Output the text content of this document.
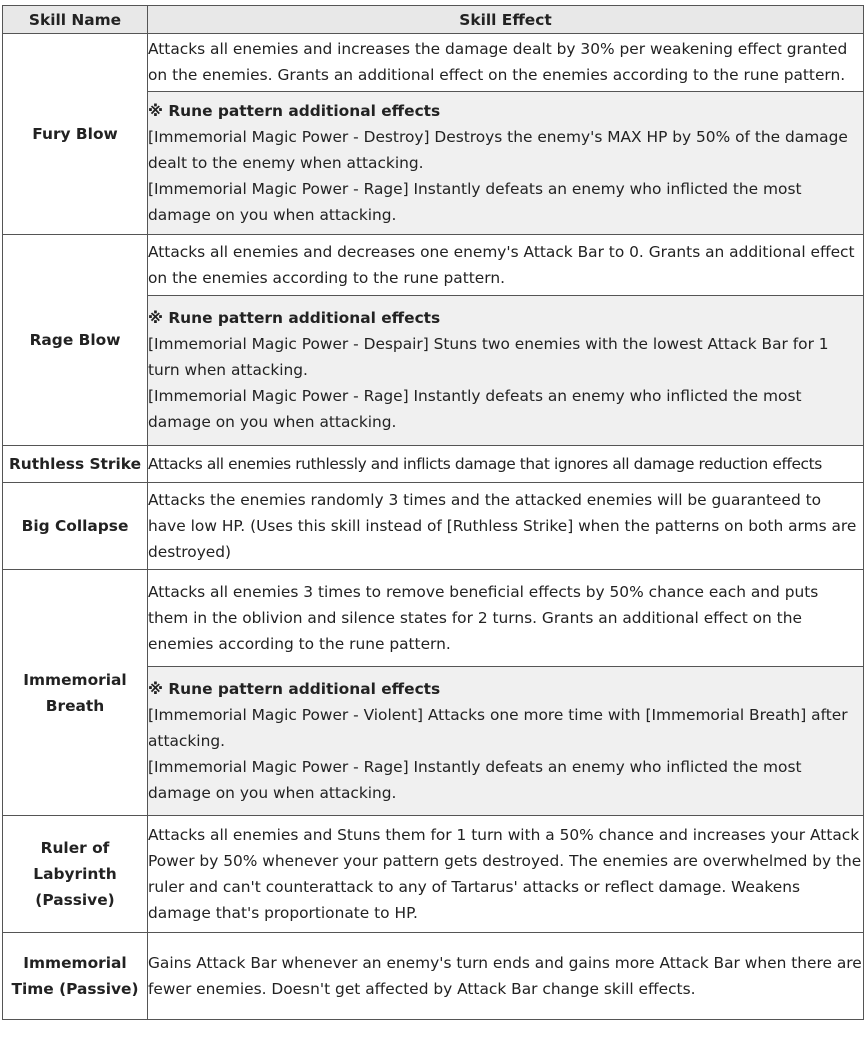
Skill Name	Skill Effect
Fury Blow	Attacks all enemies and increases the damage dealt by 30% per weakening effect granted on the enemies. Grants an additional effect on the enemies according to the rune pattern.

	※ Rune pattern additional effects
[Immemorial Magic Power - Destroy] Destroys the enemy's MAX HP by 50% of the damage dealt to the enemy when attacking.
[Immemorial Magic Power - Rage] Instantly defeats an enemy who inflicted the most damage on you when attacking.

Rage Blow	Attacks all enemies and decreases one enemy's Attack Bar to 0. Grants an additional effect on the enemies according to the rune pattern.

	※ Rune pattern additional effects
[Immemorial Magic Power - Despair] Stuns two enemies with the lowest Attack Bar for 1 turn when attacking.
[Immemorial Magic Power - Rage] Instantly defeats an enemy who inflicted the most damage on you when attacking.

Ruthless Strike	Attacks all enemies ruthlessly and inflicts damage that ignores all damage reduction effects
Big Collapse	Attacks the enemies randomly 3 times and the attacked enemies will be guaranteed to have low HP. (Uses this skill instead of [Ruthless Strike] when the patterns on both arms are destroyed)
Immemorial Breath	Attacks all enemies 3 times to remove beneficial effects by 50% chance each and puts them in the oblivion and silence states for 2 turns. Grants an additional effect on the enemies according to the rune pattern.

	※ Rune pattern additional effects
[Immemorial Magic Power - Violent] Attacks one more time with [Immemorial Breath] after attacking.
[Immemorial Magic Power - Rage] Instantly defeats an enemy who inflicted the most damage on you when attacking.

Ruler of Labyrinth (Passive)	Attacks all enemies and Stuns them for 1 turn with a 50% chance and increases your Attack Power by 50% whenever your pattern gets destroyed. The enemies are overwhelmed by the ruler and can't counterattack to any of Tartarus' attacks or reflect damage. Weakens damage that's proportionate to HP.
Immemorial Time (Passive)	Gains Attack Bar whenever an enemy's turn ends and gains more Attack Bar when there are fewer enemies. Doesn't get affected by Attack Bar change skill effects.
